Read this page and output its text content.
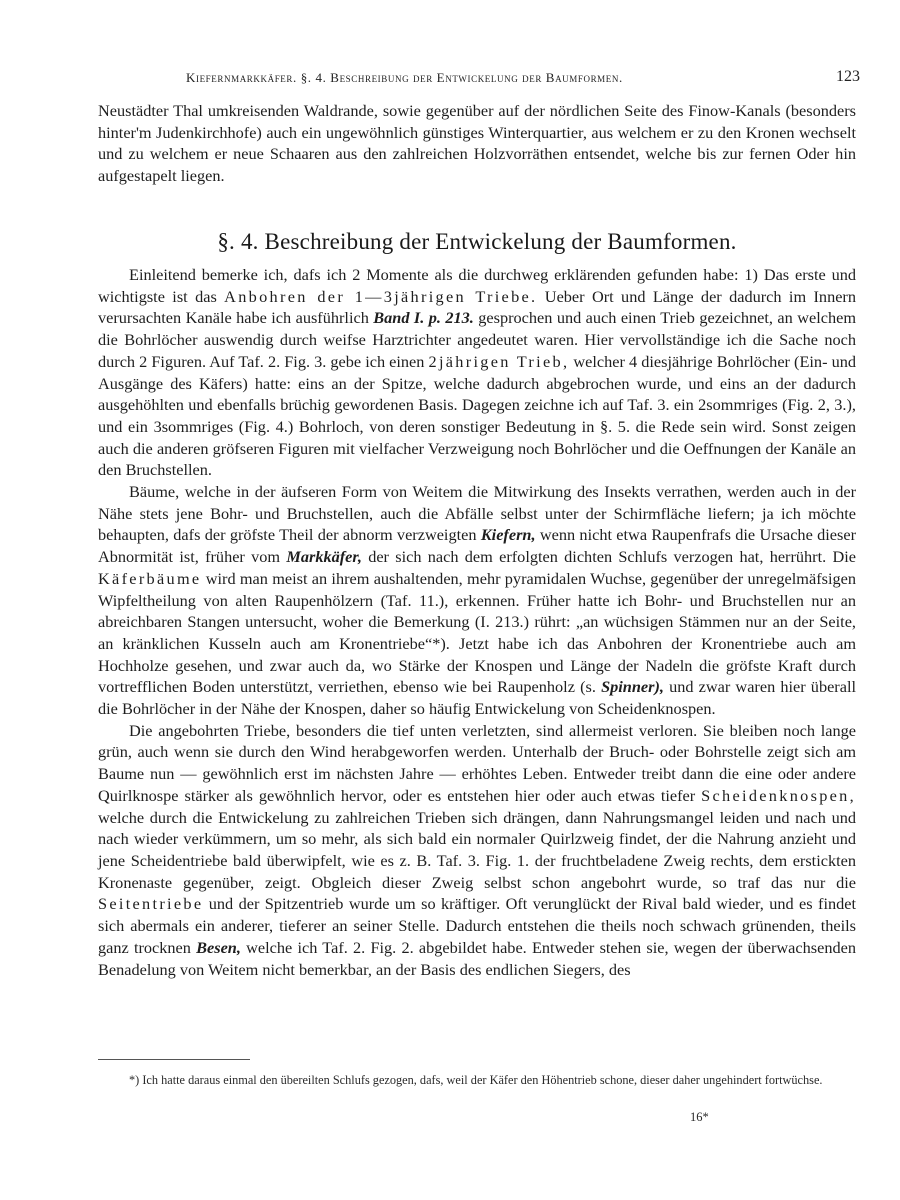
Kiefernmarkkäfer. §. 4. Beschreibung der Entwickelung der Baumformen.	123

Neustädter Thal umkreisenden Waldrande, sowie gegenüber auf der nördlichen Seite des Finow-Kanals (besonders hinter'm Judenkirchhofe) auch ein ungewöhnlich günstiges Winterquartier, aus welchem er zu den Kronen wechselt und zu welchem er neue Schaaren aus den zahlreichen Holzvorräthen entsendet, welche bis zur fernen Oder hin aufgestapelt liegen.

§. 4. Beschreibung der Entwickelung der Baumformen.

Einleitend bemerke ich, dafs ich 2 Momente als die durchweg erklärenden gefunden habe: 1) Das erste und wichtigste ist das Anbohren der 1—3jährigen Triebe. Ueber Ort und Länge der dadurch im Innern verursachten Kanäle habe ich ausführlich Band I. p. 213. gesprochen und auch einen Trieb gezeichnet, an welchem die Bohrlöcher auswendig durch weifse Harztrichter angedeutet waren. Hier vervollständige ich die Sache noch durch 2 Figuren. Auf Taf. 2. Fig. 3. gebe ich einen 2jährigen Trieb, welcher 4 diesjährige Bohrlöcher (Ein- und Ausgänge des Käfers) hatte: eins an der Spitze, welche dadurch abgebrochen wurde, und eins an der dadurch ausgehöhlten und ebenfalls brüchig gewordenen Basis. Dagegen zeichne ich auf Taf. 3. ein 2sommriges (Fig. 2, 3.), und ein 3sommriges (Fig. 4.) Bohrloch, von deren sonstiger Bedeutung in §. 5. die Rede sein wird. Sonst zeigen auch die anderen gröfseren Figuren mit vielfacher Verzweigung noch Bohrlöcher und die Oeffnungen der Kanäle an den Bruchstellen.

Bäume, welche in der äufseren Form von Weitem die Mitwirkung des Insekts verrathen, werden auch in der Nähe stets jene Bohr- und Bruchstellen, auch die Abfälle selbst unter der Schirmfläche liefern; ja ich möchte behaupten, dafs der gröfste Theil der abnorm verzweigten Kiefern, wenn nicht etwa Raupenfrafs die Ursache dieser Abnormität ist, früher vom Markkäfer, der sich nach dem erfolgten dichten Schlufs verzogen hat, herrührt. Die Käferbäume wird man meist an ihrem aushaltenden, mehr pyramidalen Wuchse, gegenüber der unregelmäfsigen Wipfeltheilung von alten Raupenhölzern (Taf. 11.), erkennen. Früher hatte ich Bohr- und Bruchstellen nur an abreichbaren Stangen untersucht, woher die Bemerkung (I. 213.) rührt: „an wüchsigen Stämmen nur an der Seite, an kränklichen Kusseln auch am Kronentriebe“*). Jetzt habe ich das Anbohren der Kronentriebe auch am Hochholze gesehen, und zwar auch da, wo Stärke der Knospen und Länge der Nadeln die gröfste Kraft durch vortrefflichen Boden unterstützt, verriethen, ebenso wie bei Raupenholz (s. Spinner), und zwar waren hier überall die Bohrlöcher in der Nähe der Knospen, daher so häufig Entwickelung von Scheidenknospen.

Die angebohrten Triebe, besonders die tief unten verletzten, sind allermeist verloren. Sie bleiben noch lange grün, auch wenn sie durch den Wind herabgeworfen werden. Unterhalb der Bruch- oder Bohrstelle zeigt sich am Baume nun — gewöhnlich erst im nächsten Jahre — erhöhtes Leben. Entweder treibt dann die eine oder andere Quirlknospe stärker als gewöhnlich hervor, oder es entstehen hier oder auch etwas tiefer Scheidenknospen, welche durch die Entwickelung zu zahlreichen Trieben sich drängen, dann Nahrungsmangel leiden und nach und nach wieder verkümmern, um so mehr, als sich bald ein normaler Quirlzweig findet, der die Nahrung anzieht und jene Scheidentriebe bald überwipfelt, wie es z. B. Taf. 3. Fig. 1. der fruchtbeladene Zweig rechts, dem erstickten Kronenaste gegenüber, zeigt. Obgleich dieser Zweig selbst schon angebohrt wurde, so traf das nur die Seitentriebe und der Spitzentrieb wurde um so kräftiger. Oft verunglückt der Rival bald wieder, und es findet sich abermals ein anderer, tieferer an seiner Stelle. Dadurch entstehen die theils noch schwach grünenden, theils ganz trocknen Besen, welche ich Taf. 2. Fig. 2. abgebildet habe. Entweder stehen sie, wegen der überwachsenden Benadelung von Weitem nicht bemerkbar, an der Basis des endlichen Siegers, des

*) Ich hatte daraus einmal den übereilten Schlufs gezogen, dafs, weil der Käfer den Höhentrieb schone, dieser daher ungehindert fortwüchse.

16*
